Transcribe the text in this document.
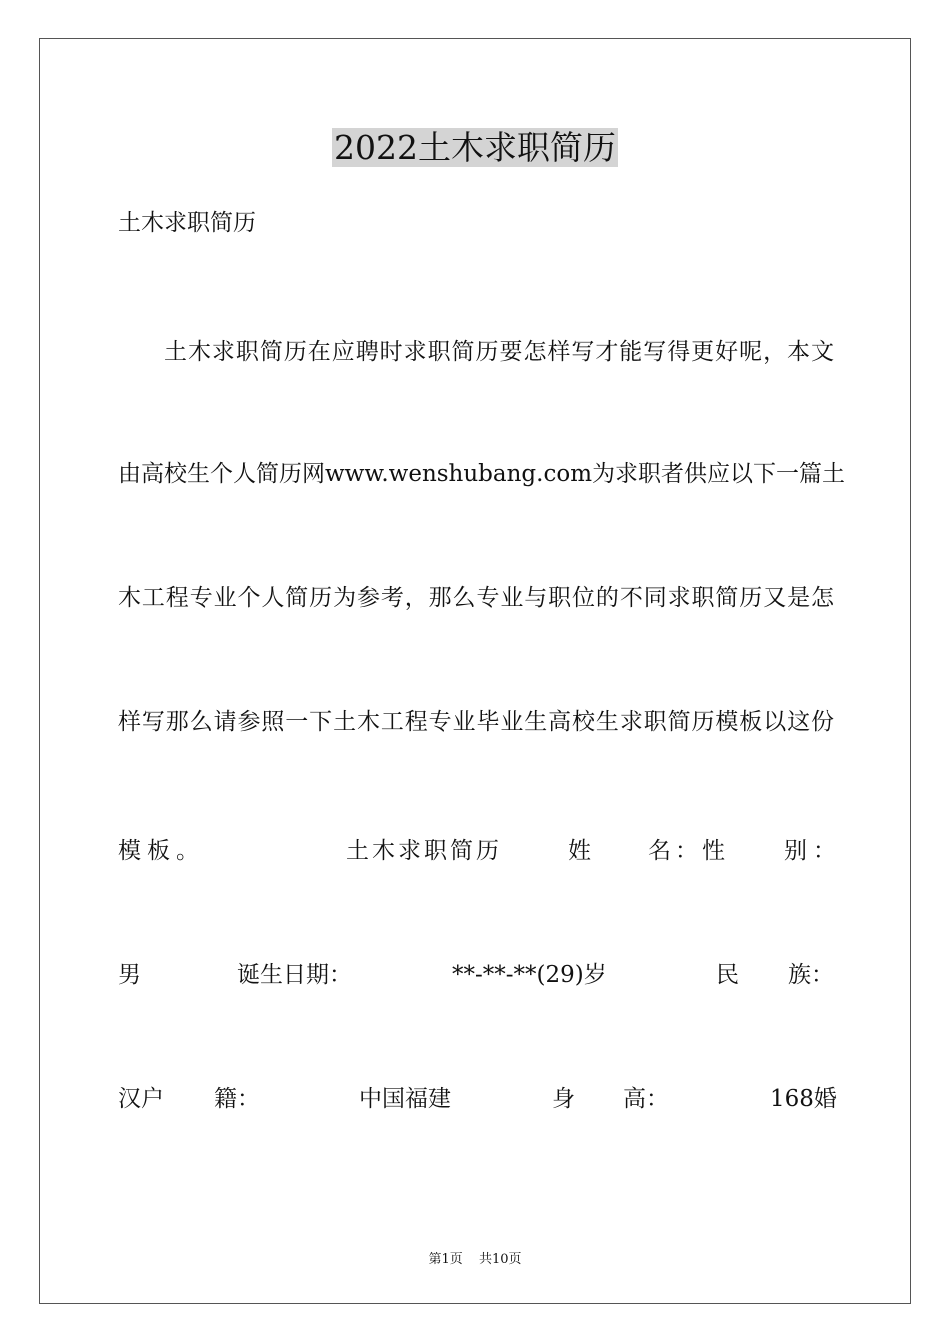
2022土木求职简历
土木求职简历
土木求职简历在应聘时求职简历要怎样写才能写得更好呢，本文
由高校生个人简历网www.wenshubang.com为求职者供应以下一篇土
木工程专业个人简历为参考，那么专业与职位的不同求职简历又是怎
样写那么请参照一下土木工程专业毕业生高校生求职简历模板以这份
模板。	土木求职简历	姓 名：性 别：
男	诞生日期：	**-**-**(29)岁	民 族：
汉户 籍：	中国福建	身 高：	168婚
第1页 共10页
